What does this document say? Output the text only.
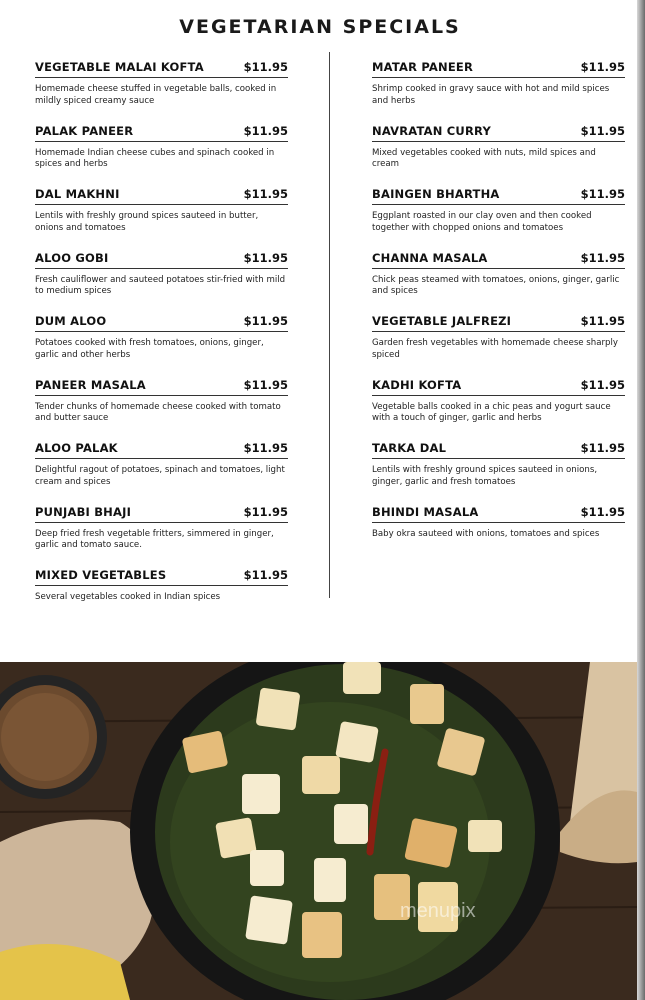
VEGETARIAN SPECIALS
VEGETABLE MALAI KOFTA	$11.95
Homemade cheese stuffed in vegetable balls, cooked in mildly spiced creamy sauce
PALAK PANEER	$11.95
Homemade Indian cheese cubes and spinach cooked in spices and herbs
DAL MAKHNI	$11.95
Lentils with freshly ground spices sauteed in butter, onions and tomatoes
ALOO GOBI	$11.95
Fresh cauliflower and sauteed potatoes stir-fried with mild to medium spices
DUM ALOO	$11.95
Potatoes cooked with fresh tomatoes, onions, ginger, garlic and other herbs
PANEER MASALA	$11.95
Tender chunks of homemade cheese cooked with tomato and butter sauce
ALOO PALAK	$11.95
Delightful ragout of potatoes, spinach and tomatoes, light cream and spices
PUNJABI BHAJI	$11.95
Deep fried fresh vegetable fritters, simmered in ginger, garlic and tomato sauce.
MIXED VEGETABLES	$11.95
Several vegetables cooked in Indian spices
MATAR PANEER	$11.95
Shrimp cooked in gravy sauce with hot and mild spices and herbs
NAVRATAN CURRY	$11.95
Mixed vegetables cooked with nuts, mild spices and cream
BAINGEN BHARTHA	$11.95
Eggplant roasted in our clay oven and then cooked together with chopped onions and tomatoes
CHANNA MASALA	$11.95
Chick peas steamed with tomatoes, onions, ginger, garlic and spices
VEGETABLE JALFREZI	$11.95
Garden fresh vegetables with homemade cheese sharply spiced
KADHI KOFTA	$11.95
Vegetable balls cooked in a chic peas and yogurt sauce with a touch of ginger, garlic and herbs
TARKA DAL	$11.95
Lentils with freshly ground spices sauteed in onions, ginger, garlic and fresh tomatoes
BHINDI MASALA	$11.95
Baby okra sauteed with onions, tomatoes and spices
menupix
